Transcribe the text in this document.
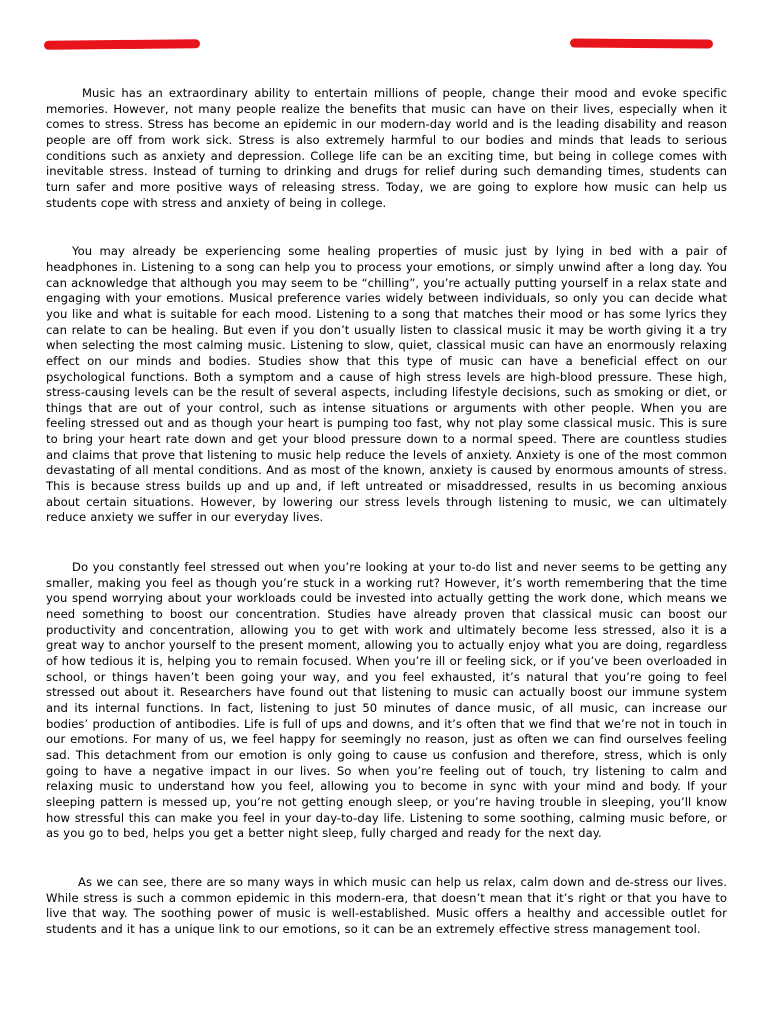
Music has an extraordinary ability to entertain millions of people, change their mood and evoke specific memories. However, not many people realize the benefits that music can have on their lives, especially when it comes to stress. Stress has become an epidemic in our modern-day world and is the leading disability and reason people are off from work sick. Stress is also extremely harmful to our bodies and minds that leads to serious conditions such as anxiety and depression. College life can be an exciting time, but being in college comes with inevitable stress. Instead of turning to drinking and drugs for relief during such demanding times, students can turn safer and more positive ways of releasing stress. Today, we are going to explore how music can help us students cope with stress and anxiety of being in college.

You may already be experiencing some healing properties of music just by lying in bed with a pair of headphones in. Listening to a song can help you to process your emotions, or simply unwind after a long day. You can acknowledge that although you may seem to be “chilling”, you’re actually putting yourself in a relax state and engaging with your emotions. Musical preference varies widely between individuals, so only you can decide what you like and what is suitable for each mood. Listening to a song that matches their mood or has some lyrics they can relate to can be healing. But even if you don’t usually listen to classical music it may be worth giving it a try when selecting the most calming music. Listening to slow, quiet, classical music can have an enormously relaxing effect on our minds and bodies. Studies show that this type of music can have a beneficial effect on our psychological functions. Both a symptom and a cause of high stress levels are high-blood pressure. These high, stress-causing levels can be the result of several aspects, including lifestyle decisions, such as smoking or diet, or things that are out of your control, such as intense situations or arguments with other people. When you are feeling stressed out and as though your heart is pumping too fast, why not play some classical music. This is sure to bring your heart rate down and get your blood pressure down to a normal speed. There are countless studies and claims that prove that listening to music help reduce the levels of anxiety. Anxiety is one of the most common devastating of all mental conditions. And as most of the known, anxiety is caused by enormous amounts of stress. This is because stress builds up and up and, if left untreated or misaddressed, results in us becoming anxious about certain situations. However, by lowering our stress levels through listening to music, we can ultimately reduce anxiety we suffer in our everyday lives.

Do you constantly feel stressed out when you’re looking at your to-do list and never seems to be getting any smaller, making you feel as though you’re stuck in a working rut? However, it’s worth remembering that the time you spend worrying about your workloads could be invested into actually getting the work done, which means we need something to boost our concentration. Studies have already proven that classical music can boost our productivity and concentration, allowing you to get with work and ultimately become less stressed, also it is a great way to anchor yourself to the present moment, allowing you to actually enjoy what you are doing, regardless of how tedious it is, helping you to remain focused. When you’re ill or feeling sick, or if you’ve been overloaded in school, or things haven’t been going your way, and you feel exhausted, it’s natural that you’re going to feel stressed out about it. Researchers have found out that listening to music can actually boost our immune system and its internal functions. In fact, listening to just 50 minutes of dance music, of all music, can increase our bodies’ production of antibodies. Life is full of ups and downs, and it’s often that we find that we’re not in touch in our emotions. For many of us, we feel happy for seemingly no reason, just as often we can find ourselves feeling sad. This detachment from our emotion is only going to cause us confusion and therefore, stress, which is only going to have a negative impact in our lives. So when you’re feeling out of touch, try listening to calm and relaxing music to understand how you feel, allowing you to become in sync with your mind and body. If your sleeping pattern is messed up, you’re not getting enough sleep, or you’re having trouble in sleeping, you’ll know how stressful this can make you feel in your day-to-day life. Listening to some soothing, calming music before, or as you go to bed, helps you get a better night sleep, fully charged and ready for the next day.

As we can see, there are so many ways in which music can help us relax, calm down and de-stress our lives. While stress is such a common epidemic in this modern-era, that doesn’t mean that it’s right or that you have to live that way. The soothing power of music is well-established. Music offers a healthy and accessible outlet for students and it has a unique link to our emotions, so it can be an extremely effective stress management tool.
